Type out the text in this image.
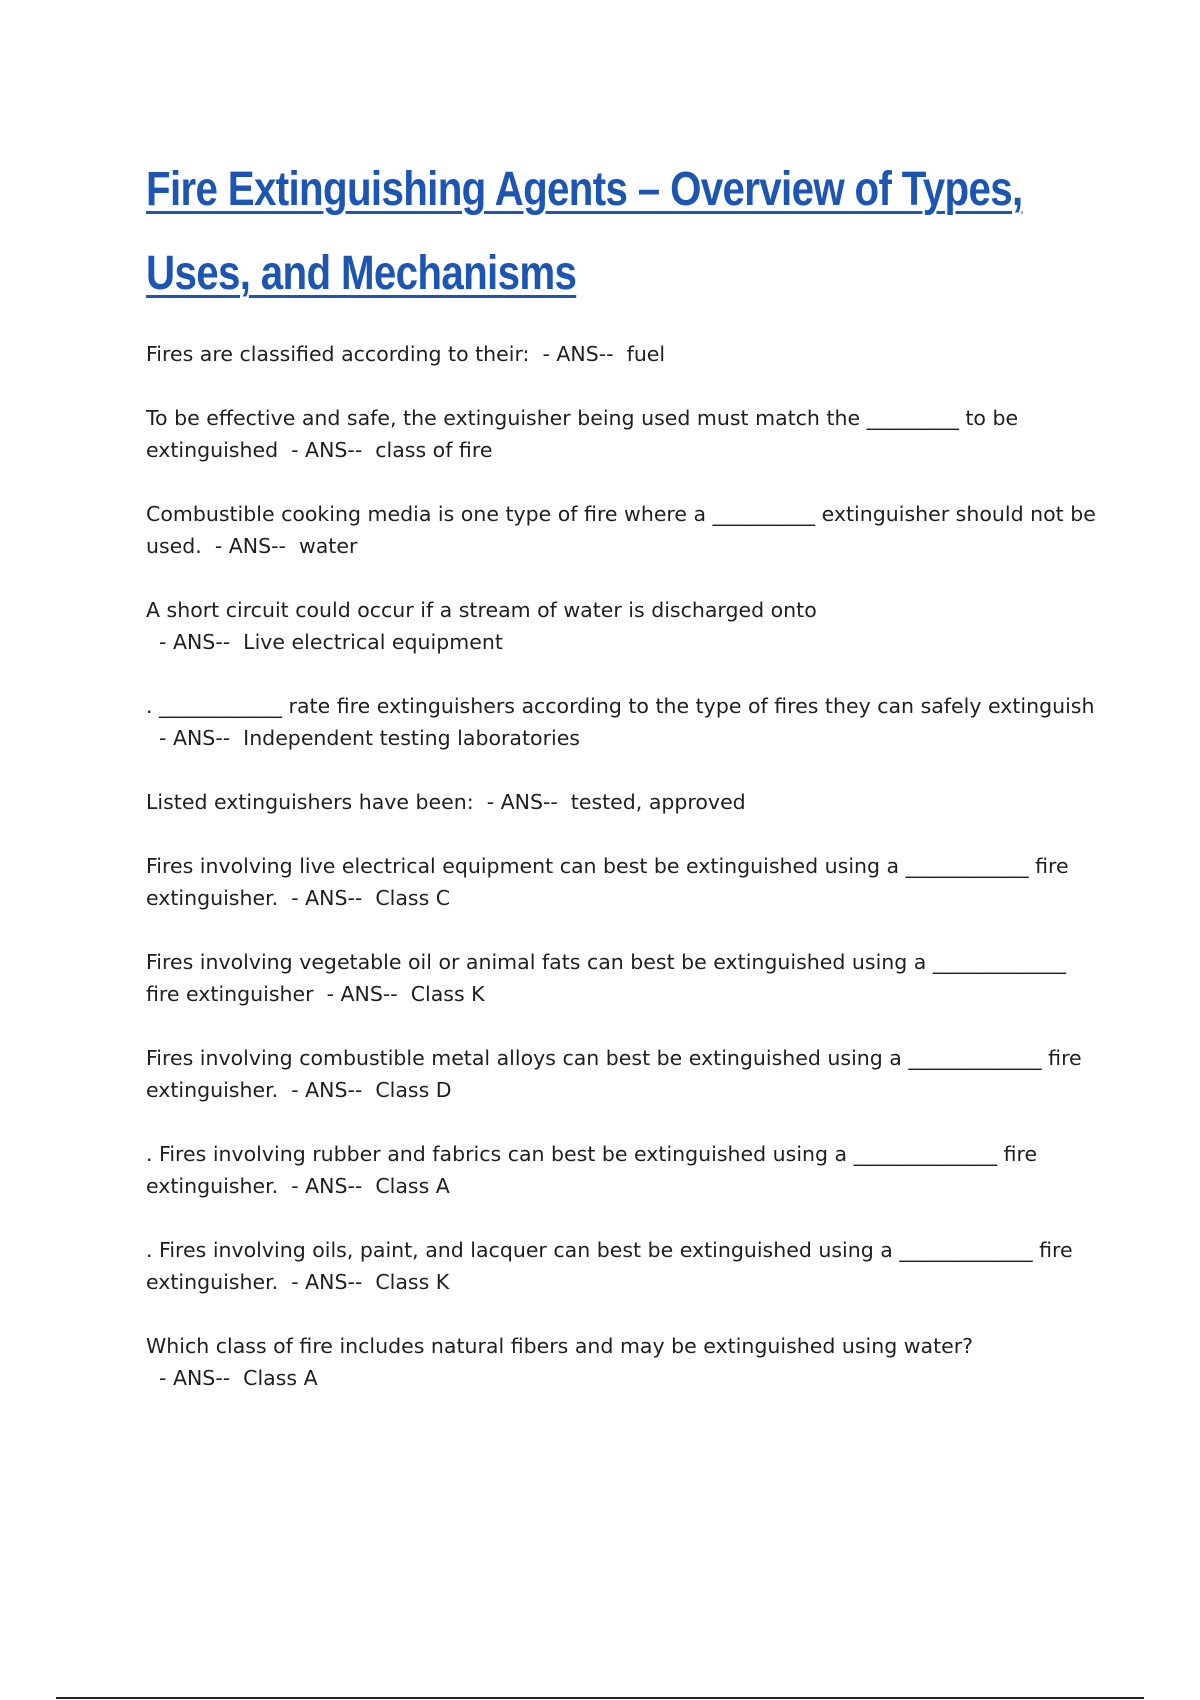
Fire Extinguishing Agents – Overview of Types, Uses, and Mechanisms

Fires are classified according to their:  - ANS--  fuel

To be effective and safe, the extinguisher being used must match the _________ to be extinguished  - ANS--  class of fire

Combustible cooking media is one type of fire where a __________ extinguisher should not be used.  - ANS--  water

A short circuit could occur if a stream of water is discharged onto  - ANS--  Live electrical equipment

. ____________ rate fire extinguishers according to the type of fires they can safely extinguish  - ANS--  Independent testing laboratories

Listed extinguishers have been:  - ANS--  tested, approved

Fires involving live electrical equipment can best be extinguished using a ____________ fire extinguisher.  - ANS--  Class C

Fires involving vegetable oil or animal fats can best be extinguished using a _____________ fire extinguisher  - ANS--  Class K

Fires involving combustible metal alloys can best be extinguished using a _____________ fire extinguisher.  - ANS--  Class D

. Fires involving rubber and fabrics can best be extinguished using a ______________ fire extinguisher.  - ANS--  Class A

. Fires involving oils, paint, and lacquer can best be extinguished using a _____________ fire extinguisher.  - ANS--  Class K

Which class of fire includes natural fibers and may be extinguished using water?  - ANS--  Class A
